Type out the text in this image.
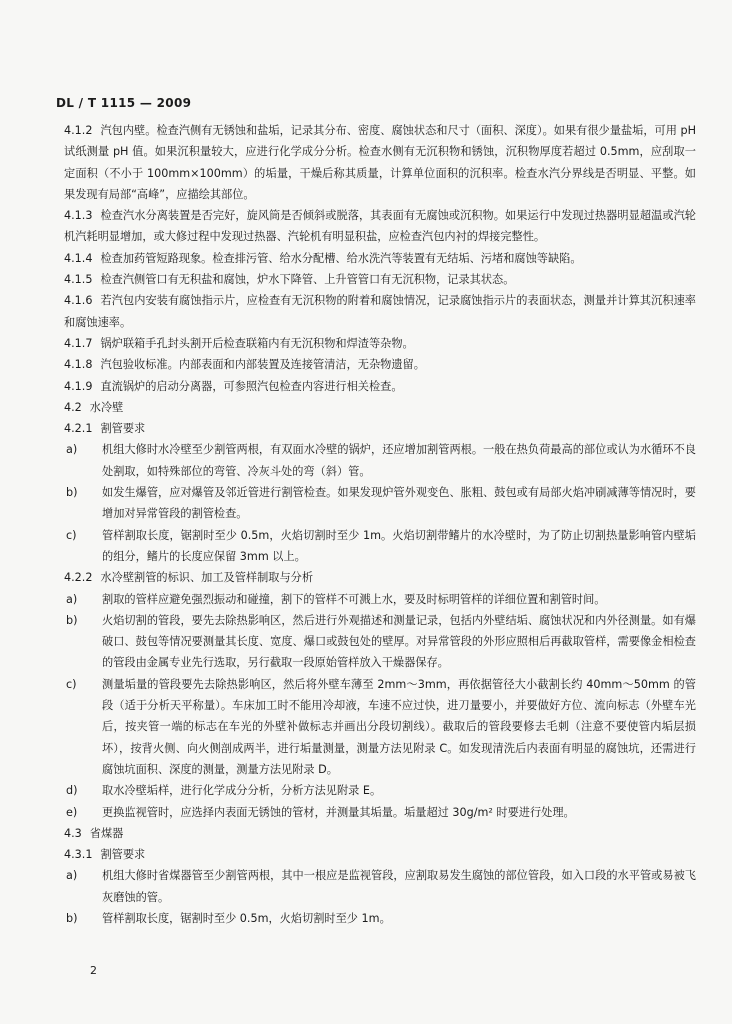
DL / T 1115 — 2009

4.1.2 汽包内壁。检查汽侧有无锈蚀和盐垢，记录其分布、密度、腐蚀状态和尺寸（面积、深度）。如果有很少量盐垢，可用 pH 试纸测量 pH 值。如果沉积量较大，应进行化学成分分析。检查水侧有无沉积物和锈蚀，沉积物厚度若超过 0.5mm，应刮取一定面积（不小于 100mm×100mm）的垢量，干燥后称其质量，计算单位面积的沉积率。检查水汽分界线是否明显、平整。如果发现有局部“高峰”，应描绘其部位。

4.1.3 检查汽水分离装置是否完好，旋风筒是否倾斜或脱落，其表面有无腐蚀或沉积物。如果运行中发现过热器明显超温或汽轮机汽耗明显增加，或大修过程中发现过热器、汽轮机有明显积盐，应检查汽包内衬的焊接完整性。

4.1.4 检查加药管短路现象。检查排污管、给水分配槽、给水洗汽等装置有无结垢、污堵和腐蚀等缺陷。

4.1.5 检查汽侧管口有无积盐和腐蚀，炉水下降管、上升管管口有无沉积物，记录其状态。

4.1.6 若汽包内安装有腐蚀指示片，应检查有无沉积物的附着和腐蚀情况，记录腐蚀指示片的表面状态，测量并计算其沉积速率和腐蚀速率。

4.1.7 锅炉联箱手孔封头割开后检查联箱内有无沉积物和焊渣等杂物。

4.1.8 汽包验收标准。内部表面和内部装置及连接管清洁，无杂物遗留。

4.1.9 直流锅炉的启动分离器，可参照汽包检查内容进行相关检查。

4.2 水冷壁

4.2.1 割管要求

a)	机组大修时水冷壁至少割管两根，有双面水冷壁的锅炉，还应增加割管两根。一般在热负荷最高的部位或认为水循环不良处割取，如特殊部位的弯管、冷灰斗处的弯（斜）管。
b)	如发生爆管，应对爆管及邻近管进行割管检查。如果发现炉管外观变色、胀粗、鼓包或有局部火焰冲刷减薄等情况时，要增加对异常管段的割管检查。
c)	管样割取长度，锯割时至少 0.5m，火焰切割时至少 1m。火焰切割带鳍片的水冷壁时，为了防止切割热量影响管内壁垢的组分，鳍片的长度应保留 3mm 以上。

4.2.2 水冷壁割管的标识、加工及管样制取与分析

a)	割取的管样应避免强烈振动和碰撞，割下的管样不可溅上水，要及时标明管样的详细位置和割管时间。
b)	火焰切割的管段，要先去除热影响区，然后进行外观描述和测量记录，包括内外壁结垢、腐蚀状况和内外径测量。如有爆破口、鼓包等情况要测量其长度、宽度、爆口或鼓包处的壁厚。对异常管段的外形应照相后再截取管样，需要像金相检查的管段由金属专业先行选取，另行截取一段原始管样放入干燥器保存。
c)	测量垢量的管段要先去除热影响区，然后将外壁车薄至 2mm～3mm，再依据管径大小截割长约 40mm～50mm 的管段（适于分析天平称量）。车床加工时不能用冷却液，车速不应过快，进刀量要小，并要做好方位、流向标志（外壁车光后，按夹管一端的标志在车光的外壁补做标志并画出分段切割线）。截取后的管段要修去毛刺（注意不要使管内垢层损坏），按背火侧、向火侧剖成两半，进行垢量测量，测量方法见附录 C。如发现清洗后内表面有明显的腐蚀坑，还需进行腐蚀坑面积、深度的测量，测量方法见附录 D。
d)	取水冷壁垢样，进行化学成分分析，分析方法见附录 E。
e)	更换监视管时，应选择内表面无锈蚀的管材，并测量其垢量。垢量超过 30g/m² 时要进行处理。

4.3 省煤器

4.3.1 割管要求

a)	机组大修时省煤器管至少割管两根，其中一根应是监视管段，应割取易发生腐蚀的部位管段，如入口段的水平管或易被飞灰磨蚀的管。
b)	管样割取长度，锯割时至少 0.5m，火焰切割时至少 1m。
2
